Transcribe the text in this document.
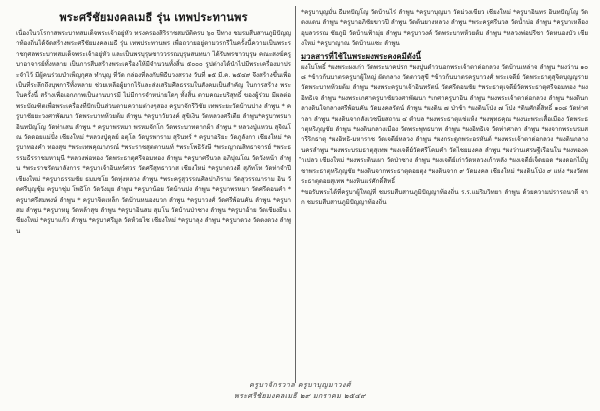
พระศรีชัยมงคลเมธี รุ่น เทพประทานพร

เนื่องในวโรกาสพระบาทสมเด็จพระเจ้าอยู่หัว ทรงครองสิริราชสมบัติครบ ๖๐ ปีทาง ชมรมสืบสานภูมิปัญญาท้องถิ่นได้จัดสร้างพระศรีชัยมงคลเมธี รุ่น เทพประทานพร เพื่อถวายอยู่ตามวรกรีในครั้งนี้ความเป็นพระราชกุศลพระบาทสมเด็จพระเจ้าอยู่หัว และเป็นพรบุรุษชาววรรณบุรุษสนทนา ได้รับพรชาวบุรุษ คณะสงฆ์ครูบาอาจารย์ทั้งหลาย เป็นการสืบสร้างพระเครื่องให้มีจำนวนทั้งสิ้น ๕๐๐๐ รูปต่างได้นำไปมีพระเครื่องมาประจำไว้ มีผู้คนร่วมบำเพ็ญกุศล ทำบุญ ที่วัด กล่องที่ลงกับพิธีบวงสรวง วันที่ ๑๕ มี.ค. ๒๕๔๙ จึงสร้างขึ้นเพื่อเป็นที่ระลึกถึงบุพการีทั้งหลาย ช่วยเหลือผู้ยากไร้และส่งเสริมศีลธรรมในสังคมเป็นสำคัญ ในการสร้าง พระในครั้งนี้ สร้างเพื่อเอกภาพเป็นงานบารมี ไม่มีการจำหน่ายใดๆ ทั้งสิ้น ตามคณะบริสุทธิ์ ของผู้ร่วม มีผลต่อพระบัณฑิตเพื่อพระเครื่องที่ปักเป็นส่วนตามความต่างๆสอง ครูบาจักรีวิชัย เทพระยะวัดบ้านปาง ลำพูน * ครูบาชัยยะวงศาพัฒนา วัดพระบาทห้วยต้ม ลำพูน *ครูบาวัยวงค์ สุขิเงิน วัดหลวงศรีเตีย ลำพูน*ครูบาพรมา อินทปัญโญ วัดท่าเสน ลำพูน * ครูบาพรหมา พรหมจักโก วัดพระบาทตากผ้า ลำพูน * หลวงปู่แหวน สุจิณโณ วัดดอยแม่ปั๋ง เชียงใหม่ *หลวงปู่ดุลย์ อตุโล วัดบูรพาราม สุรินทร์ * ครูบาอริยะ วัดภูลังกา เชียงใหม่ *ครูบาทองคำ ทองสุข *พระเทพคุณาภรณ์ *พระราชสุตตานนท์ *พระโพธิรังษี *พระญาณสิทธาจารย์ *พระธรรมธีรราชมหามุนี *หลวงพ่อทอง วัดพระธาตุศรีจอมทอง ลำพูน *ครูบาศรีนวล อภิปุณโณ วัดวังหน้า ลำพูน *พระราชรัตนาลังการ *ครูบาเจ้าอินทร์ศวร วัดศรีสุทธาวาส เชียงใหม่ *ครูบาดวงดี สุภัทโท วัดท่าจำปี เชียงใหม่ *ครูบาธรรมชัย ธมมชโย วัดทุ่งหลวง ลำพูน *พระครูสุวรรณศิลปาภิราม วัดสุวรรณาราม อิน วัดศรีบุญชุ้ม ครูบาชุ่ม โพธิโก วัดวังมุย ลำพูน *ครูบาน้อย วัดบ้านปง ลำพูน *ครูบาพรหมา วัดศรีดอนคำ *ครูบาศรีสมพงษ์ ลำพูน * ครูบาจิตเหล็ก วัดบ้านหนองบวก ลำพูน *ครูบาวงศ์ วัดศรีพ้อนคัน ลำพูน *ครูบาสม ลำพูน *ครูบาหมู วัดหล้าสุข ลำพูน *ครูบาอินสม สุมโน วัดบ้านป่าซาง ลำพูน *ครูบาอ้าย วัดเชียงยืน เชียงใหม่ *ครูบาแก้ว ลำพูน *ครูบาศรีมูล วัดห้วยไซ เชียงใหม่ *ครูบาลุง ลำพูน *ครูบาดวง วัดดงดวง ลำพูน

*ครูบาบุญมั่น ธีมทปัญโญ วัดบ้านไร่ ลำพูน *ครูบาบุญมา วัดม่วงเขียว เชียงใหม่ *ครูบาอินทร อินทปัญโญ วัดดงแดน ลำพูน *ครูบาอภิชัยขาวปี ลำพูน วัดต้นยางหลวง ลำพูน *พระครูศรีนวล วัดน้ำบ่อ ลำพูน *ครูบาเหลืองอุบลวรรณ ชัยภูมิ วัดบ้านฟ้ามุ่ย ลำพูน *ครูบาวงค์ วัดพระบาทห้วยต้ม ลำพูน *หลวงพ่อปรีชา วัดหนองบัว เชียงใหม่ *ครูบาญาณ วัดบ้านแซะ ลำพูน

มวลสารที่ใช้ในพระผงพระคงคมีดังนี้

ผงใบโพธิ์ *ผงพระผงเก่า วัดพระนาคปรก *ผงปูนดำวนอกพระเจ้าตาด่อกลวง วัดบ้านเหล่าจ ลำพูน *ผงว่าน ๑๐๘ *ข้าวก้นบาตรครูบาผู้ใหญ่ ผัดกลาง วัดดาวสุขี *ข้าวก้นบาตรครูบาวงศ์ พระเจดีย์ วัดพระธาตุสุจิตบุญญราย วัดพระบาทห้วยต้ม ลำพูน *ผงพระครูบาเจ้าอินทรัตน์ วัดศรีดอนชัย *พระธาตุเจดีย์วัดพระธาตุศรีจอมทอง *ผงอิทธิเจ ลำพูน *ผงพระเกศาครูบาชัยวงศาพัฒนา *เกศาครูบาอิน ลำพูน *ผงพระเจ้าตาด่อกลวง ลำพูน *ผงดินกลางดินใจกลางศรีพ้อนคัน วัดมงคลรัตน์ ลำพูน *ผงดิน ๗ ป่าช้า *ผงดินโป่ง ๗ โป่ง *ดินศักดิ์สิทธิ์ ๑๐๘ วัดท่าศาลา ลำพูน *ผงดินจากสังเวชนียสถาน ๔ ตำบล *ผงพระธาตุแช่แห้ง *ผงพุทธคุณ *ผงนะพระเสื้อเมือง วัดพระธาตุหริภุญชัย ลำพูน *ผงดินกลางเมือง วัดพระพุทธบาท ลำพูน *ผงอิทธิเจ วัดท่าศาลา ลำพูน *ผงจากพระบรมสารีริกธาตุ *ผงอิทธิ-มหาราช วัดเจดีย์หลวง ลำพูน *ผงกระดูกพระอรหันต์ *ผงพระเจ้าตาด่อกลวง *ผงดินกลางนครลำพูน *ผงพระบรมธาตุสุเทพ *ผงเจดีย์วัดศรีโคมคำ วัดไชยมงคล ลำพูน *ผงว่านเศรษฐีเรือนใน *ผงทองคำเปลว เชียงใหม่ *ผงพระดินเผา วัดป่าซาง ลำพูน *ผงเจดีย์เก่าวัดหลวงเก้าหลัง *ผงเจดีย์เจ็ดยอด *ผงดอกไม้บูชาพระธาตุหริภุญชัย *ผงดินจากพระธาตุดอยตุง *ผงดินจาก ๙ วัดมงคล เชียงใหม่ *ผงดินโป่ง ๙ แห่ง *ผงวัดพระธาตุดอยสุเทพ *ผงหินแร่ศักดิ์สิทธิ์

*ขอรับพระได้ที่ครูบาผู้ใหญ่ที่ ชมรมสืบสานภูมิปัญญาท้องถิ่น ร.ร.แม่ริมวิทยา ลำพูน ด้วยความปรารถนาดี จาก ชมรมสืบสานภูมิปัญญาท้องถิ่น

ครูบาจักรวาล ครูบาบุญมาวงศ์
พระศรีชัยมงคลเมธี ๒๙ มกราคม ๒๕๔๙
